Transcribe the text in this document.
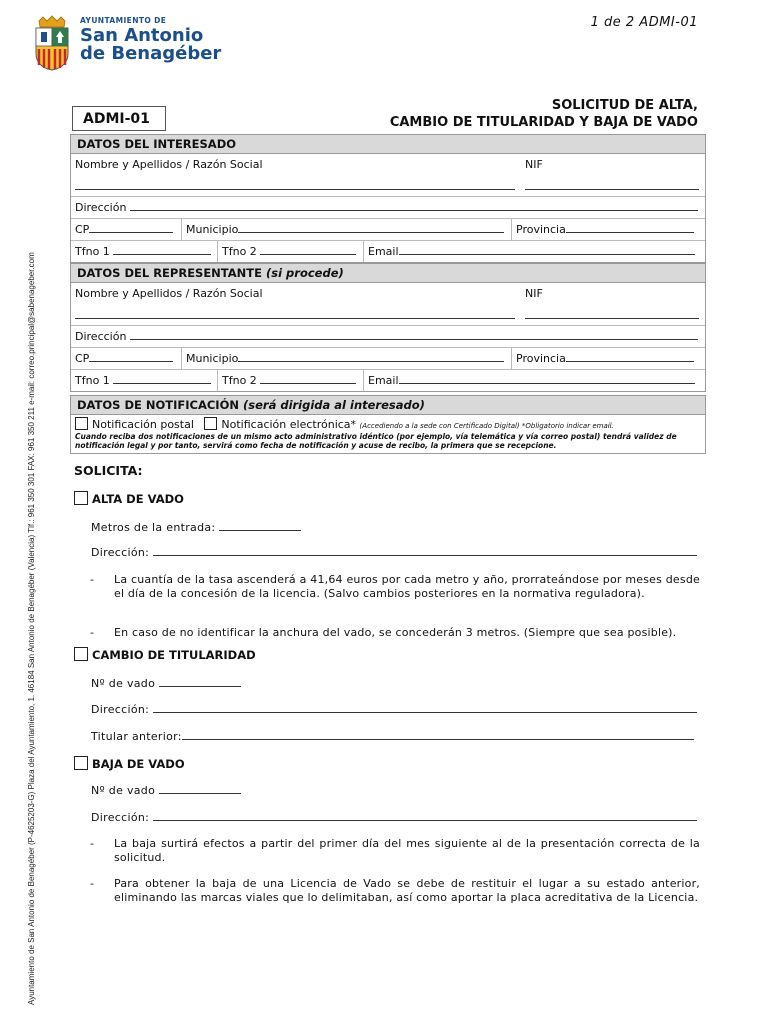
1 de 2 ADMI-01
AYUNTAMIENTO DE
San Antonio
de Benagéber
Ayuntamiento de San Antonio de Benagéber (P-4625203-G) Plaza del Ayuntamiento, 1. 46184 San Antonio de Benagéber (Valencia) Tlf.: 961 350 301 FAX: 961 350 211 e-mail: correo.principal@sabenageber.com
ADMI-01
SOLICITUD DE ALTA,
CAMBIO DE TITULARIDAD Y BAJA DE VADO
DATOS DEL INTERESADO
Nombre y Apellidos / Razón Social	NIF
Dirección
CP	Municipio	Provincia
Tfno 1	Tfno 2	Email
DATOS DEL REPRESENTANTE (si procede)
Nombre y Apellidos / Razón Social	NIF
Dirección
CP	Municipio	Provincia
Tfno 1	Tfno 2	Email
DATOS DE NOTIFICACIÓN (será dirigida al interesado)
Notificación postal	Notificación electrónica* (Accediendo a la sede con Certificado Digital) *Obligatorio indicar email.
Cuando reciba dos notificaciones de un mismo acto administrativo idéntico (por ejemplo, vía telemática y vía correo postal) tendrá validez de notificación legal y por tanto, servirá como fecha de notificación y acuse de recibo, la primera que se recepcione.
SOLICITA:
ALTA DE VADO
Metros de la entrada:
Dirección:
- La cuantía de la tasa ascenderá a 41,64 euros por cada metro y año, prorrateándose por meses desde el día de la concesión de la licencia. (Salvo cambios posteriores en la normativa reguladora).
- En caso de no identificar la anchura del vado, se concederán 3 metros. (Siempre que sea posible).
CAMBIO DE TITULARIDAD
Nº de vado
Dirección:
Titular anterior:
BAJA DE VADO
Nº de vado
Dirección:
- La baja surtirá efectos a partir del primer día del mes siguiente al de la presentación correcta de la solicitud.
- Para obtener la baja de una Licencia de Vado se debe de restituir el lugar a su estado anterior, eliminando las marcas viales que lo delimitaban, así como aportar la placa acreditativa de la Licencia.
